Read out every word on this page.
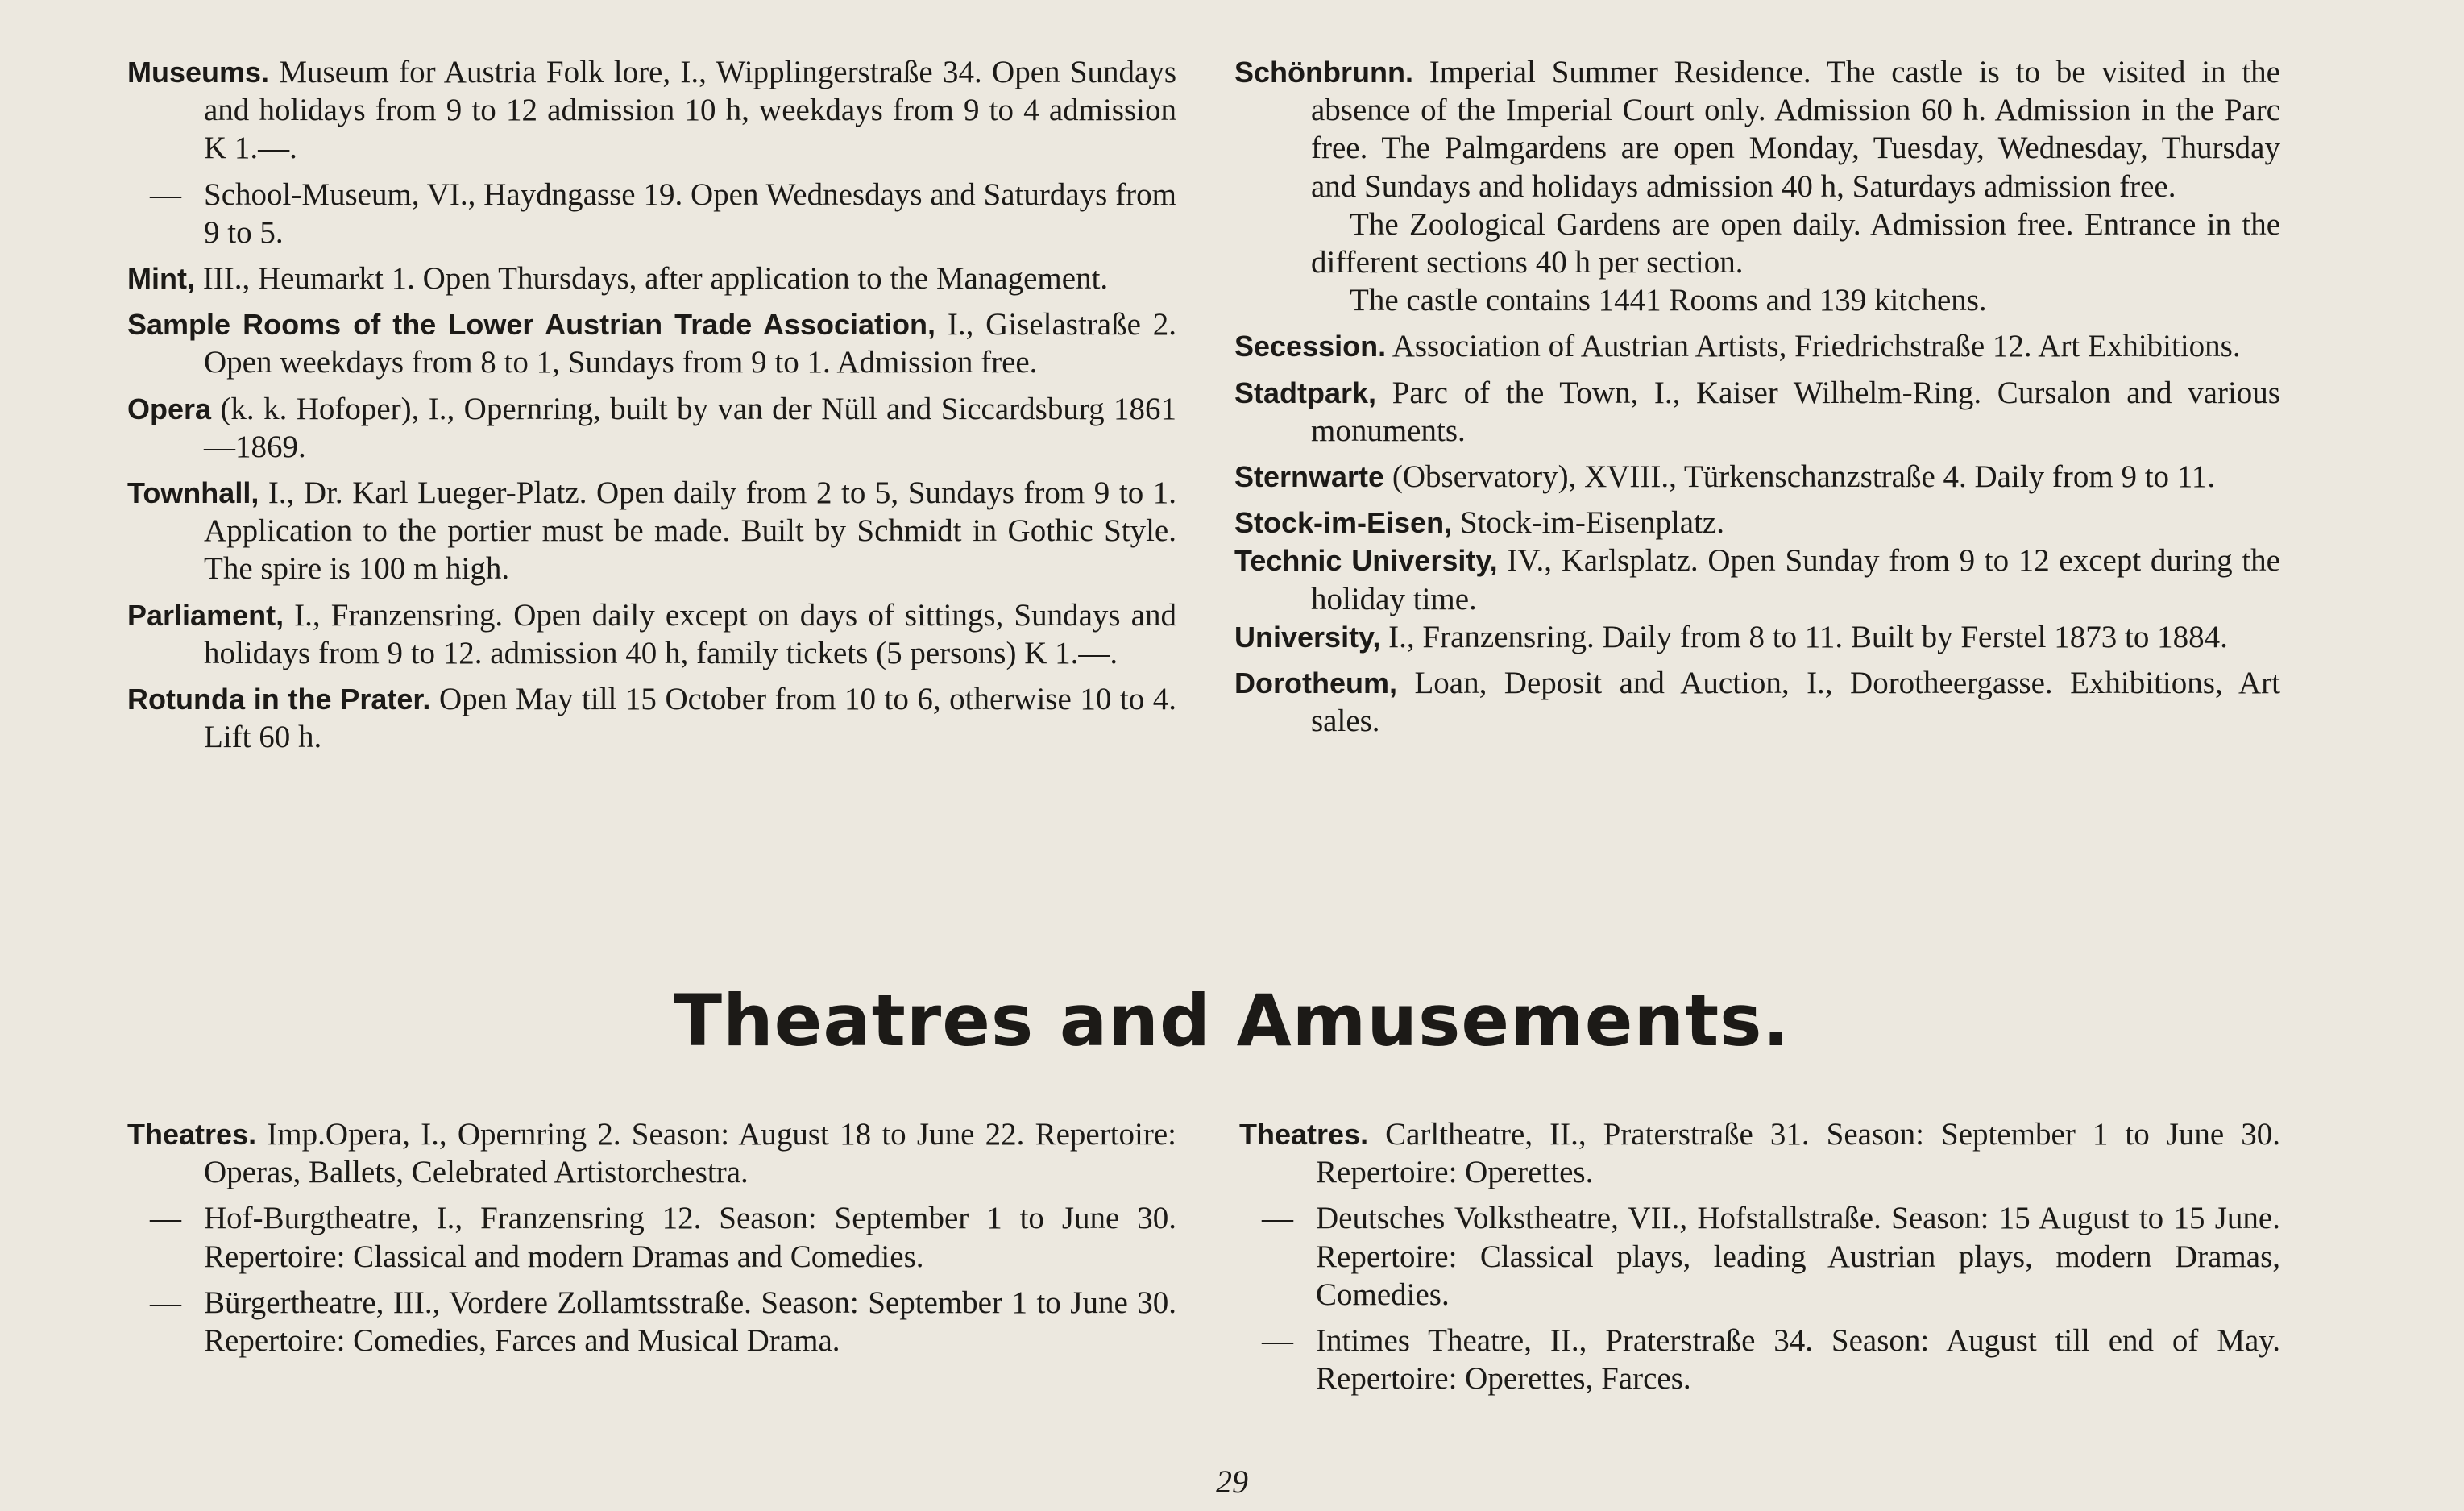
Museums. Museum for Austria Folk lore, I., Wipplingerstraße 34. Open Sundays and holidays from 9 to 12 admission 10 h, weekdays from 9 to 4 admission K 1.—.

— School-Museum, VI., Haydngasse 19. Open Wednesdays and Saturdays from 9 to 5.

Mint, III., Heumarkt 1. Open Thursdays, after application to the Management.

Sample Rooms of the Lower Austrian Trade Association, I., Giselastraße 2. Open weekdays from 8 to 1, Sundays from 9 to 1. Admission free.

Opera (k. k. Hofoper), I., Opernring, built by van der Nüll and Siccardsburg 1861—1869.

Townhall, I., Dr. Karl Lueger-Platz. Open daily from 2 to 5, Sundays from 9 to 1. Application to the portier must be made. Built by Schmidt in Gothic Style. The spire is 100 m high.

Parliament, I., Franzensring. Open daily except on days of sittings, Sundays and holidays from 9 to 12. admission 40 h, family tickets (5 persons) K 1.—.

Rotunda in the Prater. Open May till 15 October from 10 to 6, otherwise 10 to 4. Lift 60 h.

Schönbrunn. Imperial Summer Residence. The castle is to be visited in the absence of the Imperial Court only. Admission 60 h. Admission in the Parc free. The Palmgardens are open Monday, Tuesday, Wednesday, Thursday and Sundays and holidays admission 40 h, Saturdays admission free.

The Zoological Gardens are open daily. Admission free. Entrance in the different sections 40 h per section.

The castle contains 1441 Rooms and 139 kitchens.

Secession. Association of Austrian Artists, Friedrichstraße 12. Art Exhibitions.

Stadtpark, Parc of the Town, I., Kaiser Wilhelm-Ring. Cursalon and various monuments.

Sternwarte (Observatory), XVIII., Türkenschanzstraße 4. Daily from 9 to 11.

Stock-im-Eisen, Stock-im-Eisenplatz.

Technic University, IV., Karlsplatz. Open Sunday from 9 to 12 except during the holiday time.

University, I., Franzensring. Daily from 8 to 11. Built by Ferstel 1873 to 1884.

Dorotheum, Loan, Deposit and Auction, I., Dorotheergasse. Exhibitions, Art sales.

Theatres and Amusements.

Theatres. Imp.Opera, I., Opernring 2. Season: August 18 to June 22. Repertoire: Operas, Ballets, Celebrated Artistorchestra.

— Hof-Burgtheatre, I., Franzensring 12. Season: September 1 to June 30. Repertoire: Classical and modern Dramas and Comedies.

— Bürgertheatre, III., Vordere Zollamtsstraße. Season: September 1 to June 30. Repertoire: Comedies, Farces and Musical Drama.

Theatres. Carltheatre, II., Praterstraße 31. Season: September 1 to June 30. Repertoire: Operettes.

— Deutsches Volkstheatre, VII., Hofstallstraße. Season: 15 August to 15 June. Repertoire: Classical plays, leading Austrian plays, modern Dramas, Comedies.

— Intimes Theatre, II., Praterstraße 34. Season: August till end of May. Repertoire: Operettes, Farces.

29
